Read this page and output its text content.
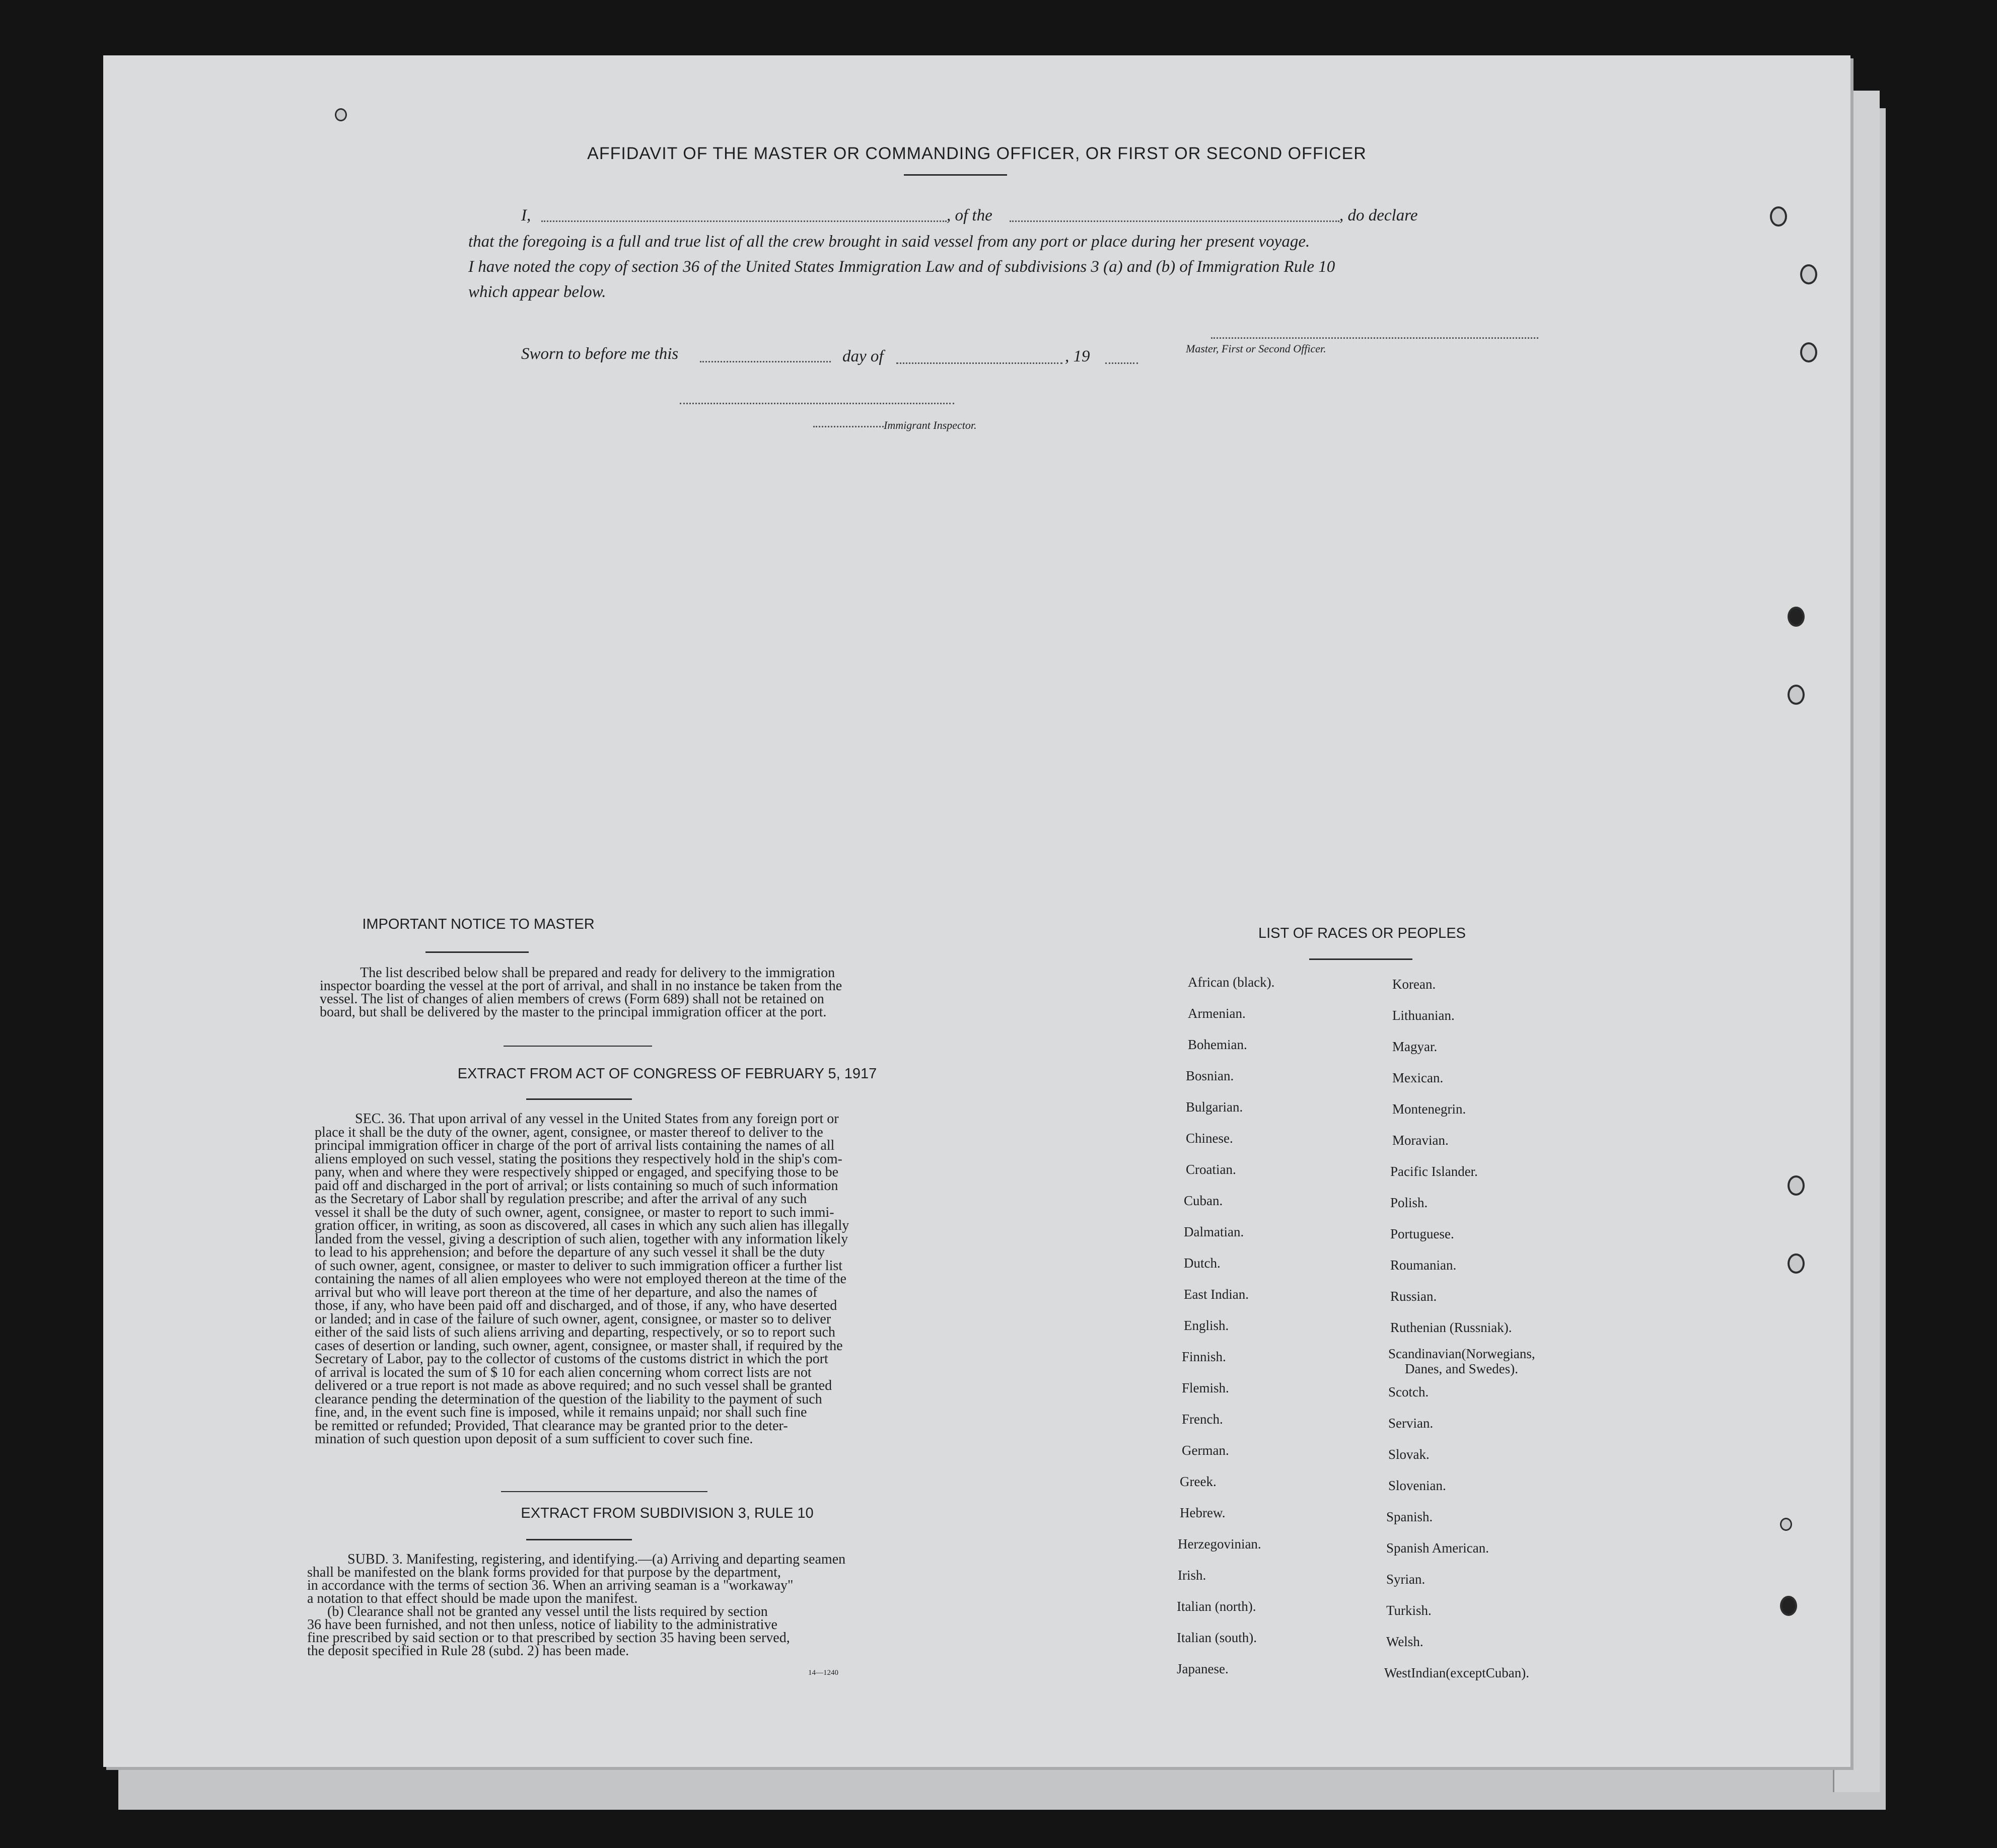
AFFIDAVIT OF THE MASTER OR COMMANDING OFFICER, OR FIRST OR SECOND OFFICER
I,	, of the	, do declare
that the foregoing is a full and true list of all the crew brought in said vessel from any port or place during her present voyage.
I have noted the copy of section 36 of the United States Immigration Law and of subdivisions 3 (a) and (b) of Immigration Rule 10
which appear below.
Master, First or Second Officer.
Sworn to before me this	day of	, 19
Immigrant Inspector.
IMPORTANT NOTICE TO MASTER
The list described below shall be prepared and ready for delivery to the immigration
inspector boarding the vessel at the port of arrival, and shall in no instance be taken from the
vessel. The list of changes of alien members of crews (Form 689) shall not be retained on
board, but shall be delivered by the master to the principal immigration officer at the port.
EXTRACT FROM ACT OF CONGRESS OF FEBRUARY 5, 1917
SEC. 36. That upon arrival of any vessel in the United States from any foreign port or
place it shall be the duty of the owner, agent, consignee, or master thereof to deliver to the
principal immigration officer in charge of the port of arrival lists containing the names of all
aliens employed on such vessel, stating the positions they respectively hold in the ship's com-
pany, when and where they were respectively shipped or engaged, and specifying those to be
paid off and discharged in the port of arrival; or lists containing so much of such information
as the Secretary of Labor shall by regulation prescribe; and after the arrival of any such
vessel it shall be the duty of such owner, agent, consignee, or master to report to such immi-
gration officer, in writing, as soon as discovered, all cases in which any such alien has illegally
landed from the vessel, giving a description of such alien, together with any information likely
to lead to his apprehension; and before the departure of any such vessel it shall be the duty
of such owner, agent, consignee, or master to deliver to such immigration officer a further list
containing the names of all alien employees who were not employed thereon at the time of the
arrival but who will leave port thereon at the time of her departure, and also the names of
those, if any, who have been paid off and discharged, and of those, if any, who have deserted
or landed; and in case of the failure of such owner, agent, consignee, or master so to deliver
either of the said lists of such aliens arriving and departing, respectively, or so to report such
cases of desertion or landing, such owner, agent, consignee, or master shall, if required by the
Secretary of Labor, pay to the collector of customs of the customs district in which the port
of arrival is located the sum of $ 10 for each alien concerning whom correct lists are not
delivered or a true report is not made as above required; and no such vessel shall be granted
clearance pending the determination of the question of the liability to the payment of such
fine, and, in the event such fine is imposed, while it remains unpaid; nor shall such fine
be remitted or refunded; Provided, That clearance may be granted prior to the deter-
mination of such question upon deposit of a sum sufficient to cover such fine.
EXTRACT FROM SUBDIVISION 3, RULE 10
SUBD. 3. Manifesting, registering, and identifying.—(a) Arriving and departing seamen
shall be manifested on the blank forms provided for that purpose by the department,
in accordance with the terms of section 36. When an arriving seaman is a "workaway"
a notation to that effect should be made upon the manifest.
(b) Clearance shall not be granted any vessel until the lists required by section
36 have been furnished, and not then unless, notice of liability to the administrative
fine prescribed by said section or to that prescribed by section 35 having been served,
the deposit specified in Rule 28 (subd. 2) has been made.
14—1240
LIST OF RACES OR PEOPLES
African (black).
Armenian.
Bohemian.
Bosnian.
Bulgarian.
Chinese.
Croatian.
Cuban.
Dalmatian.
Dutch.
East Indian.
English.
Finnish.
Flemish.
French.
German.
Greek.
Hebrew.
Herzegovinian.
Irish.
Italian (north).
Italian (south).
Japanese.
Korean.
Lithuanian.
Magyar.
Mexican.
Montenegrin.
Moravian.
Pacific Islander.
Polish.
Portuguese.
Roumanian.
Russian.
Ruthenian (Russniak).
Scandinavian(Norwegians,
Danes, and Swedes).
Scotch.
Servian.
Slovak.
Slovenian.
Spanish.
Spanish American.
Syrian.
Turkish.
Welsh.
WestIndian(exceptCuban).
